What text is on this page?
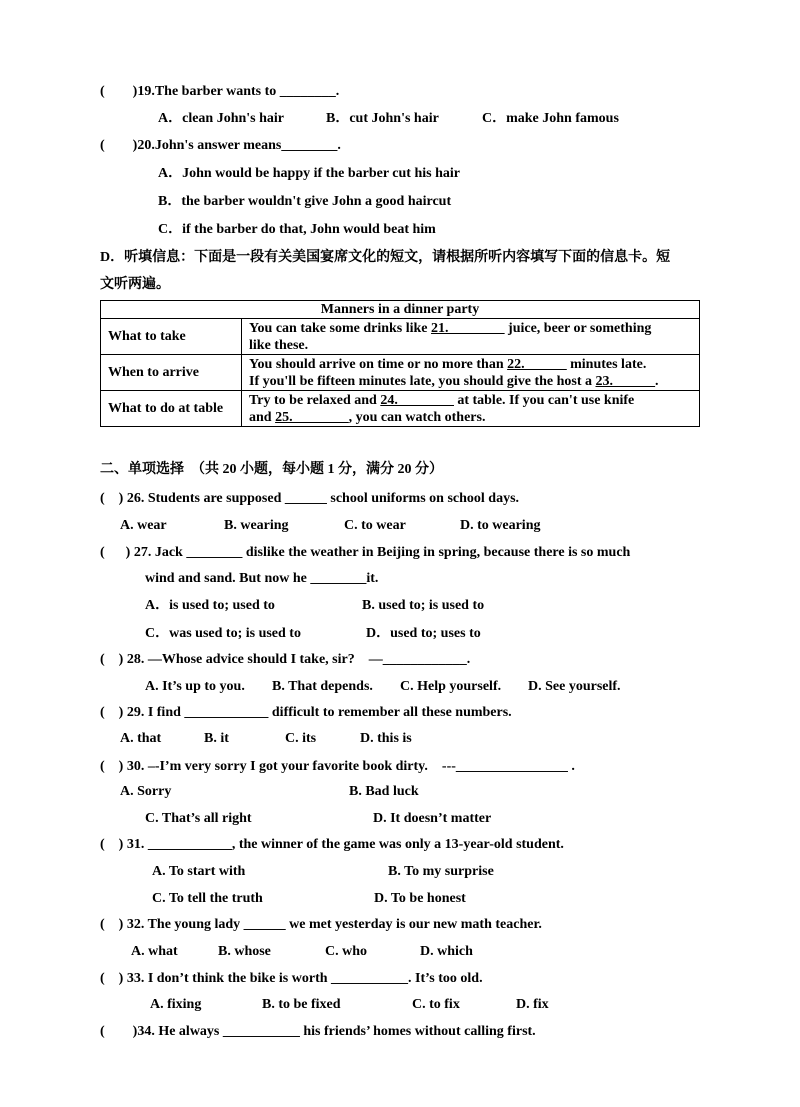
(        )19.The barber wants to ________.
A．clean John's hair	B．cut John's hair	C．make John famous
(        )20.John's answer means________.
A．John would be happy if the barber cut his hair
B．the barber wouldn't give John a good haircut
C．if the barber do that, John would beat him
D．听填信息：下面是一段有关美国宴席文化的短文，请根据所听内容填写下面的信息卡。短
文听两遍。
Manners in a dinner party	
What to take	You can take some drinks like 21.________ juice, beer or something
like these.
When to arrive	You should arrive on time or no more than 22.______ minutes late.
If you'll be fifteen minutes late, you should give the host a 23.______.
What to do at table	Try to be relaxed and 24.________ at table. If you can't use knife
and 25.________, you can watch others.
二、单项选择  （共 20 小题，每小题 1 分，满分 20 分）
(    ) 26. Students are supposed ______ school uniforms on school days.
A. wear	B. wearing	C. to wear	D. to wearing
(      ) 27. Jack ________ dislike the weather in Beijing in spring, because there is so much
wind and sand. But now he ________it.
A．is used to; used to	B. used to; is used to
C．was used to; is used to	D．used to; uses to
(    ) 28. —Whose advice should I take, sir?    —____________.
A. It’s up to you. B. That depends. C. Help yourself. D. See yourself.
(    ) 29. I find ____________ difficult to remember all these numbers.
A. that	B. it	C. its	D. this is
(    ) 30. –-I’m very sorry I got your favorite book dirty.    ---________________ .
A. Sorry	B. Bad luck
C. That’s all right	D. It doesn’t matter
(    ) 31. ____________, the winner of the game was only a 13-year-old student.
A. To start with	B. To my surprise
C. To tell the truth	D. To be honest
(    ) 32. The young lady ______ we met yesterday is our new math teacher.
A. what	B. whose	C. who	D. which
(    ) 33. I don’t think the bike is worth ___________. It’s too old.
A. fixing	B. to be fixed	C. to fix	D. fix
(        )34. He always ___________ his friends’ homes without calling first.
